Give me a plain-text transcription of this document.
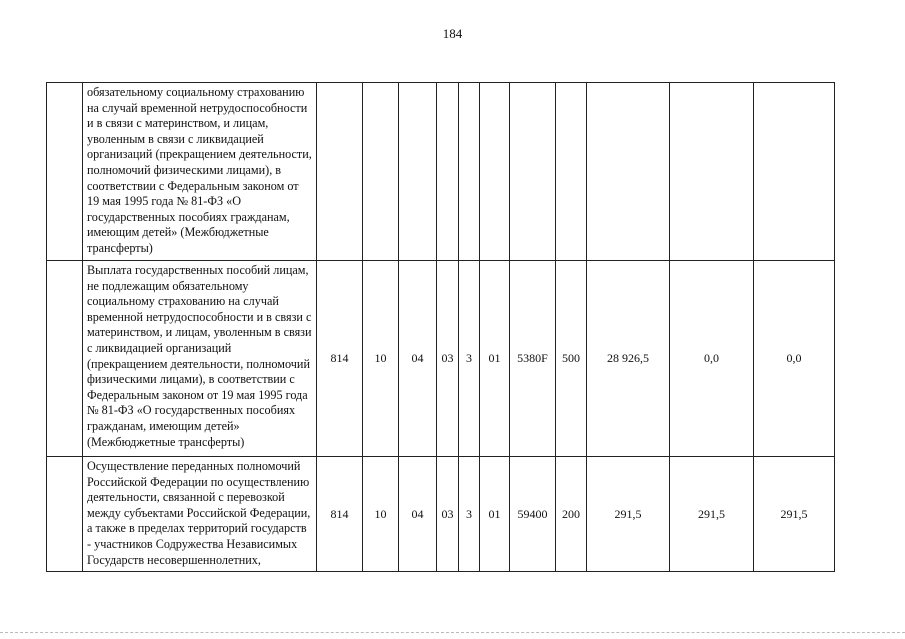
184
	обязательному социальному страхованию на случай временной нетрудоспособности и в связи с материнством, и лицам, уволенным в связи с ликвидацией организаций (прекращением деятельности, полномочий физическими лицами), в соответствии с Федеральным законом от 19 мая 1995 года № 81-ФЗ «О государственных пособиях гражданам, имеющим детей» (Межбюджетные трансферты)											
	Выплата государственных пособий лицам, не подлежащим обязательному социальному страхованию на случай временной нетрудоспособности и в связи с материнством, и лицам, уволенным в связи с ликвидацией организаций (прекращением деятельности, полномочий физическими лицами), в соответствии с Федеральным законом от 19 мая 1995 года № 81-ФЗ «О государственных пособиях гражданам, имеющим детей» (Межбюджетные трансферты)	814	10	04	03	3	01	5380F	500	28 926,5	0,0	0,0
	Осуществление переданных полномочий Российской Федерации по осуществлению деятельности, связанной с перевозкой между субъектами Российской Федерации, а также в пределах территорий государств - участников Содружества Независимых Государств несовершеннолетних,	814	10	04	03	3	01	59400	200	291,5	291,5	291,5
